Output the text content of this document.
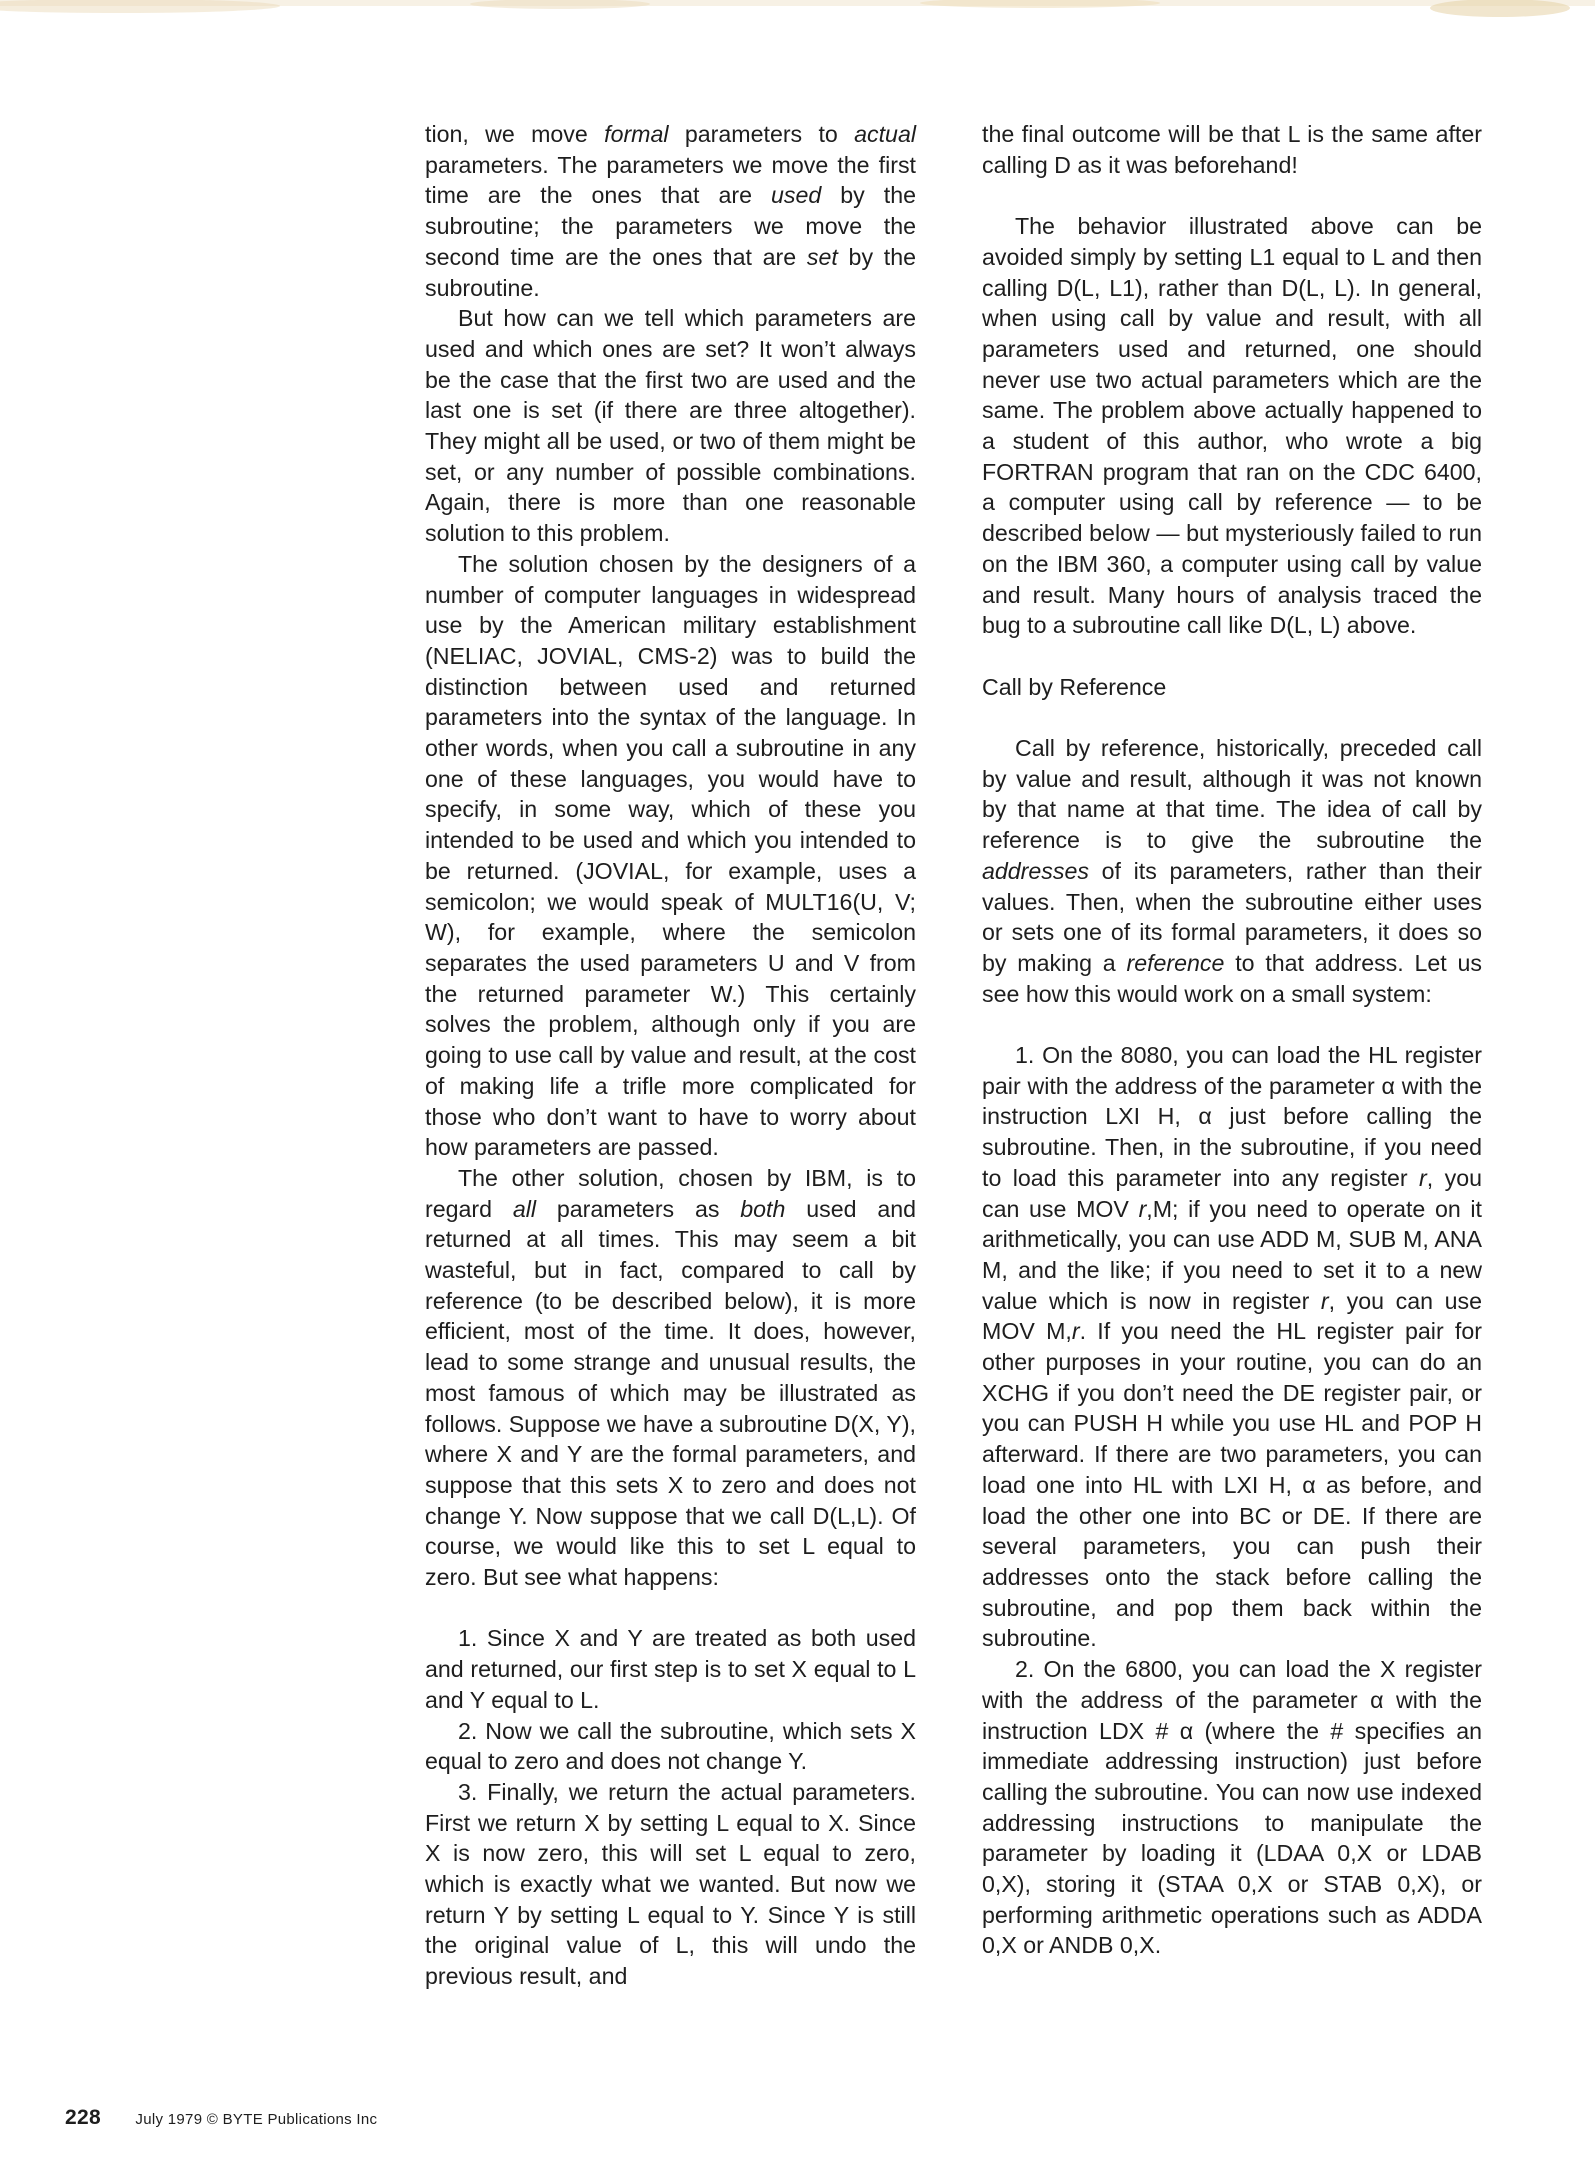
tion, we move formal parameters to actual parameters. The parameters we move the first time are the ones that are used by the subroutine; the parameters we move the second time are the ones that are set by the subroutine.

But how can we tell which parameters are used and which ones are set? It won’t always be the case that the first two are used and the last one is set (if there are three altogether). They might all be used, or two of them might be set, or any number of possible combinations. Again, there is more than one reasonable solution to this problem.

The solution chosen by the designers of a number of computer languages in widespread use by the American military establishment (NELIAC, JOVIAL, CMS-2) was to build the distinction between used and returned parameters into the syntax of the language. In other words, when you call a subroutine in any one of these languages, you would have to specify, in some way, which of these you intended to be used and which you intended to be returned. (JOVIAL, for example, uses a semicolon; we would speak of MULT16(U, V; W), for example, where the semicolon separates the used parameters U and V from the returned parameter W.) This certainly solves the problem, although only if you are going to use call by value and result, at the cost of making life a trifle more complicated for those who don’t want to have to worry about how parameters are passed.

The other solution, chosen by IBM, is to regard all parameters as both used and returned at all times. This may seem a bit wasteful, but in fact, compared to call by reference (to be described below), it is more efficient, most of the time. It does, however, lead to some strange and unusual results, the most famous of which may be illustrated as follows. Suppose we have a subroutine D(X, Y), where X and Y are the formal parameters, and suppose that this sets X to zero and does not change Y. Now suppose that we call D(L,L). Of course, we would like this to set L equal to zero. But see what happens:

1. Since X and Y are treated as both used and returned, our first step is to set X equal to L and Y equal to L.

2. Now we call the subroutine, which sets X equal to zero and does not change Y.

3. Finally, we return the actual parameters. First we return X by setting L equal to X. Since X is now zero, this will set L equal to zero, which is exactly what we wanted. But now we return Y by setting L equal to Y. Since Y is still the original value of L, this will undo the previous result, and

the final outcome will be that L is the same after calling D as it was beforehand!

The behavior illustrated above can be avoided simply by setting L1 equal to L and then calling D(L, L1), rather than D(L, L). In general, when using call by value and result, with all parameters used and returned, one should never use two actual parameters which are the same. The problem above actually happened to a student of this author, who wrote a big FORTRAN program that ran on the CDC 6400, a computer using call by reference — to be described below — but mysteriously failed to run on the IBM 360, a computer using call by value and result. Many hours of analysis traced the bug to a subroutine call like D(L, L) above.

Call by Reference

Call by reference, historically, preceded call by value and result, although it was not known by that name at that time. The idea of call by reference is to give the subroutine the addresses of its parameters, rather than their values. Then, when the subroutine either uses or sets one of its formal parameters, it does so by making a reference to that address. Let us see how this would work on a small system:

1. On the 8080, you can load the HL register pair with the address of the parameter α with the instruction LXI H, α just before calling the subroutine. Then, in the subroutine, if you need to load this parameter into any register r, you can use MOV r,M; if you need to operate on it arithmetically, you can use ADD M, SUB M, ANA M, and the like; if you need to set it to a new value which is now in register r, you can use MOV M,r. If you need the HL register pair for other purposes in your routine, you can do an XCHG if you don’t need the DE register pair, or you can PUSH H while you use HL and POP H afterward. If there are two parameters, you can load one into HL with LXI H, α as before, and load the other one into BC or DE. If there are several parameters, you can push their addresses onto the stack before calling the subroutine, and pop them back within the subroutine.

2. On the 6800, you can load the X register with the address of the parameter α with the instruction LDX # α (where the # specifies an immediate addressing instruction) just before calling the subroutine. You can now use indexed addressing instructions to manipulate the parameter by loading it (LDAA 0,X or LDAB 0,X), storing it (STAA 0,X or STAB 0,X), or performing arithmetic operations such as ADDA 0,X or ANDB 0,X.

228 July 1979 © BYTE Publications Inc
